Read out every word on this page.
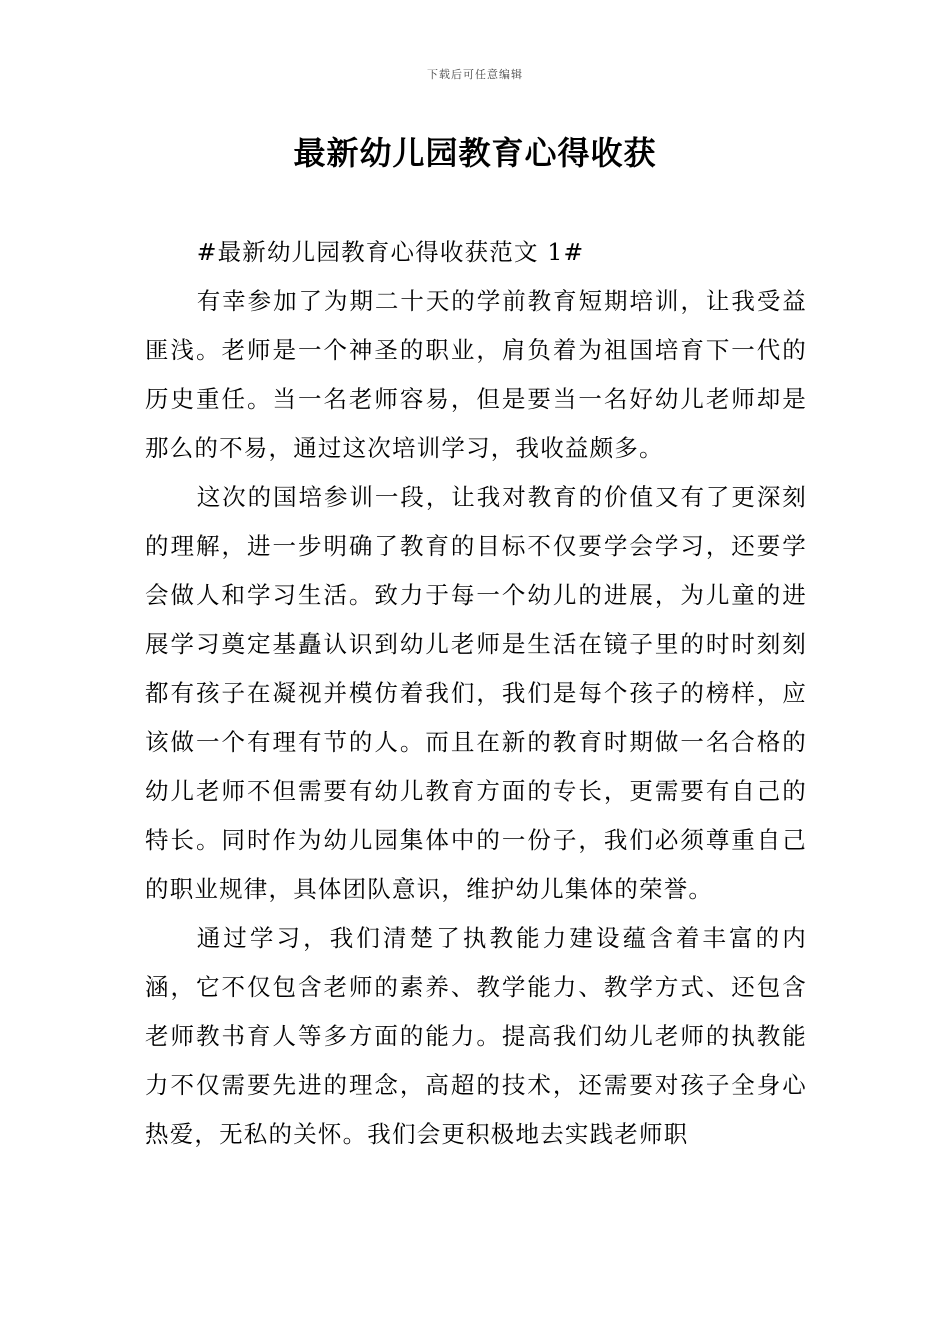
下载后可任意编辑
最新幼儿园教育心得收获

#最新幼儿园教育心得收获范文 1#

有幸参加了为期二十天的学前教育短期培训，让我受益匪浅。老师是一个神圣的职业，肩负着为祖国培育下一代的历史重任。当一名老师容易，但是要当一名好幼儿老师却是那么的不易，通过这次培训学习，我收益颇多。

这次的国培参训一段，让我对教育的价值又有了更深刻的理解，进一步明确了教育的目标不仅要学会学习，还要学会做人和学习生活。致力于每一个幼儿的进展，为儿童的进展学习奠定基矗认识到幼儿老师是生活在镜子里的时时刻刻都有孩子在凝视并模仿着我们，我们是每个孩子的榜样，应该做一个有理有节的人。而且在新的教育时期做一名合格的幼儿老师不但需要有幼儿教育方面的专长，更需要有自己的特长。同时作为幼儿园集体中的一份子，我们必须尊重自己的职业规律，具体团队意识，维护幼儿集体的荣誉。

通过学习，我们清楚了执教能力建设蕴含着丰富的内涵，它不仅包含老师的素养、教学能力、教学方式、还包含老师教书育人等多方面的能力。提高我们幼儿老师的执教能力不仅需要先进的理念，高超的技术，还需要对孩子全身心热爱，无私的关怀。我们会更积极地去实践老师职
